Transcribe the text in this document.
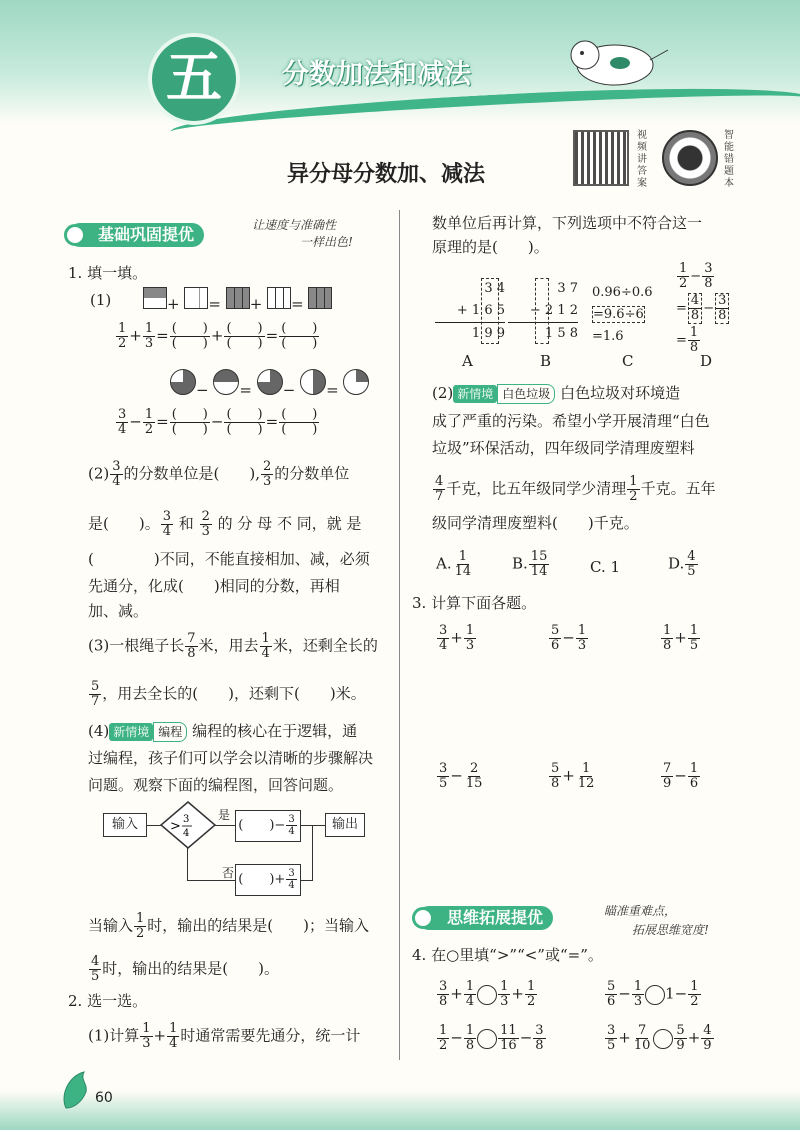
五	分数加法和减法
异分母分数加、减法
视频讲答案
智能错题本
基础巩固提优	让速度与准确性
一样出色!
1. 填一填。
(1)	+ = + =
$\frac{1}{2} + \frac{1}{3} = \frac{( )}{( )} + \frac{( )}{( )} = \frac{( )}{( )}$
− = − =
$\frac{3}{4} - \frac{1}{2} = \frac{( )}{( )} - \frac{( )}{( )} = \frac{( )}{( )}$
$(2) \frac{3}{4}$ 的分数单位是(　　), $\frac{2}{3}$ 的分数单位
是(　　)。 $\frac{3}{4}$ 和 $\frac{2}{3}$ 的 分 母 不 同，就 是
(　　　　)不同，不能直接相加、减，必须
先通分，化成(　　)相同的分数，再相
加、减。
(3)一根绳子长 $\frac{7}{8}$ 米，用去 $\frac{1}{4}$ 米，还剩全长的
$\frac{5}{7}$ ，用去全长的(　　)，还剩下(　　)米。
(4) 新情境 编程 编程的核心在于逻辑，通
过编程，孩子们可以学会以清晰的步骤解决
问题。观察下面的编程图，回答问题。
输入	> 3
4
是
(　　)− $\frac{3}{4}$	输出
否 (　　)+ $\frac{3}{4}$
当输入 $\frac{1}{2}$ 时，输出的结果是(　　)；当输入
$\frac{4}{5}$ 时，输出的结果是(　　)。
2. 选一选。
(1)计算 $\frac{1}{3} + \frac{1}{4}$ 时通常需要先通分，统一计
数单位后再计算，下列选项中不符合这一
原理的是(　　)。
3 4
+ 1 6 5
1 9 9
A
3 7
− 2 1 2
1 5 8
B
0.96÷0.6
=9.6÷6
=1.6
C
$\frac{1}{2} - \frac{3}{8}$
= $\frac{4}{8} - \frac{3}{8}$
= $\frac{1}{8}$
D
(2) 新情境 白色垃圾 白色垃圾对环境造
成了严重的污染。希望小学开展清理“白色
垃圾”环保活动，四年级同学清理废塑料
$\frac{4}{7}$ 千克，比五年级同学少清理 $\frac{1}{2}$ 千克。五年
级同学清理废塑料(　　)千克。
A. $\frac{1}{14}$	B. $\frac{15}{14}$	C. 1	D. $\frac{4}{5}$
3. 计算下面各题。
$\frac{3}{4} + \frac{1}{3}$	$\frac{5}{6} - \frac{1}{3}$	$\frac{1}{8} + \frac{1}{5}$
$\frac{3}{5} - \frac{2}{15}$	$\frac{5}{8} + \frac{1}{12}$	$\frac{7}{9} - \frac{1}{6}$
思维拓展提优	瞄准重难点，
拓展思维宽度!
4. 在○里填“>”“<”或“=”。
$\frac{3}{8} + \frac{1}{4} \frac{1}{3} + \frac{1}{2}$	$\frac{5}{6} - \frac{1}{3} 1- \frac{1}{2}$
$\frac{1}{2} - \frac{1}{8} \frac{11}{16} - \frac{3}{8}$	$\frac{3}{5} + \frac{7}{10} \frac{5}{9} + \frac{4}{9}$
60
